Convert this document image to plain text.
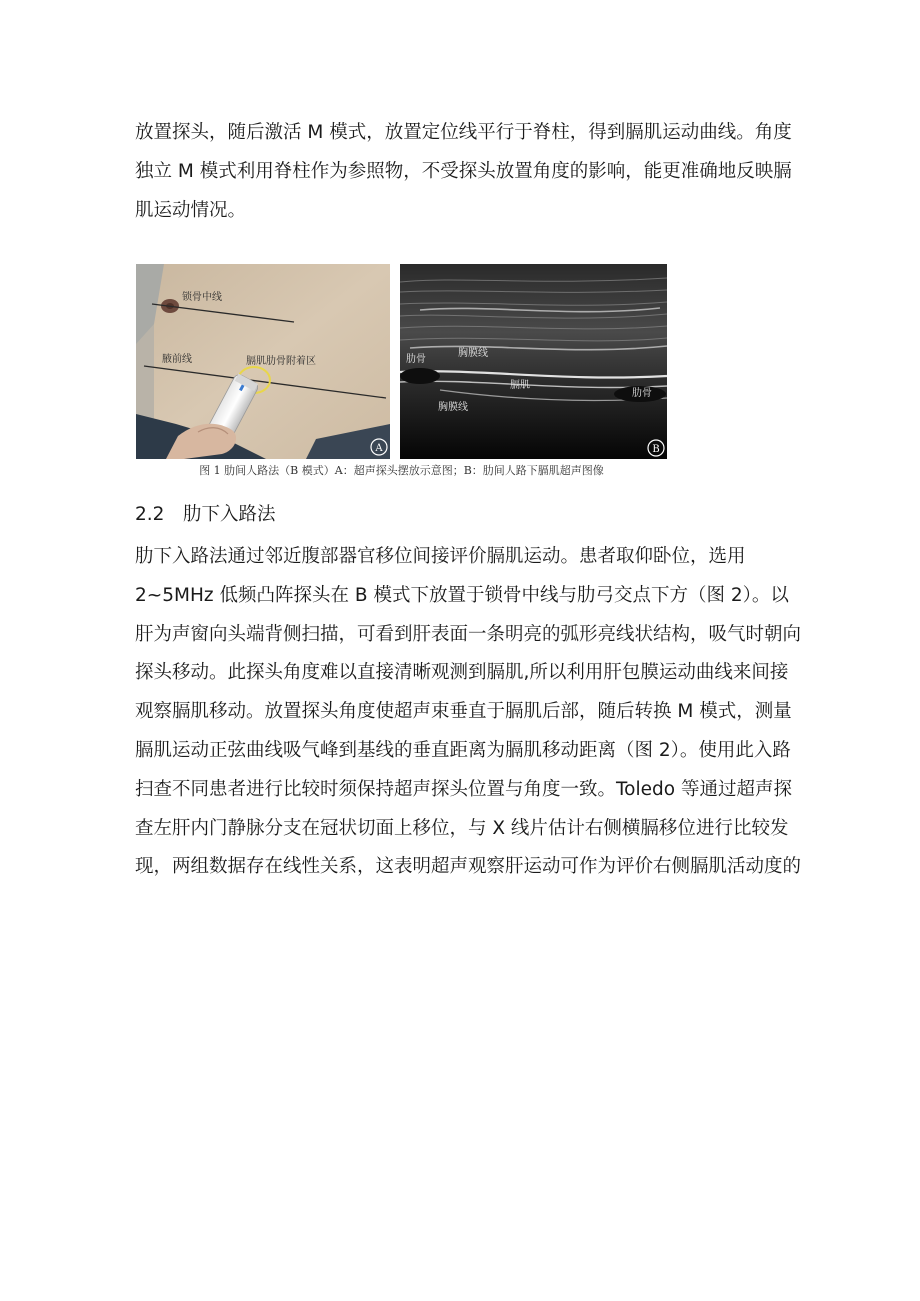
放置探头，随后激活 M 模式，放置定位线平行于脊柱，得到膈肌运动曲线。角度
独立 M 模式利用脊柱作为参照物，不受探头放置角度的影响，能更准确地反映膈
肌运动情况。
锁骨中线
腋前线	膈肌肋骨附着区
A
肋骨
胸膜线
膈肌
肋骨
胸膜线
B
图 1 肋间人路法（B 模式）A：超声探头摆放示意图；B：肋间人路下膈肌超声图像
2.2 肋下入路法
肋下入路法通过邻近腹部器官移位间接评价膈肌运动。患者取仰卧位，选用
2~5MHz 低频凸阵探头在 B 模式下放置于锁骨中线与肋弓交点下方（图 2）。以
肝为声窗向头端背侧扫描，可看到肝表面一条明亮的弧形亮线状结构，吸气时朝向
探头移动。此探头角度难以直接清晰观测到膈肌,所以利用肝包膜运动曲线来间接
观察膈肌移动。放置探头角度使超声束垂直于膈肌后部，随后转换 M 模式，测量
膈肌运动正弦曲线吸气峰到基线的垂直距离为膈肌移动距离（图 2）。使用此入路
扫查不同患者进行比较时须保持超声探头位置与角度一致。Toledo 等通过超声探
查左肝内门静脉分支在冠状切面上移位，与 X 线片估计右侧横膈移位进行比较发
现，两组数据存在线性关系，这表明超声观察肝运动可作为评价右侧膈肌活动度的
